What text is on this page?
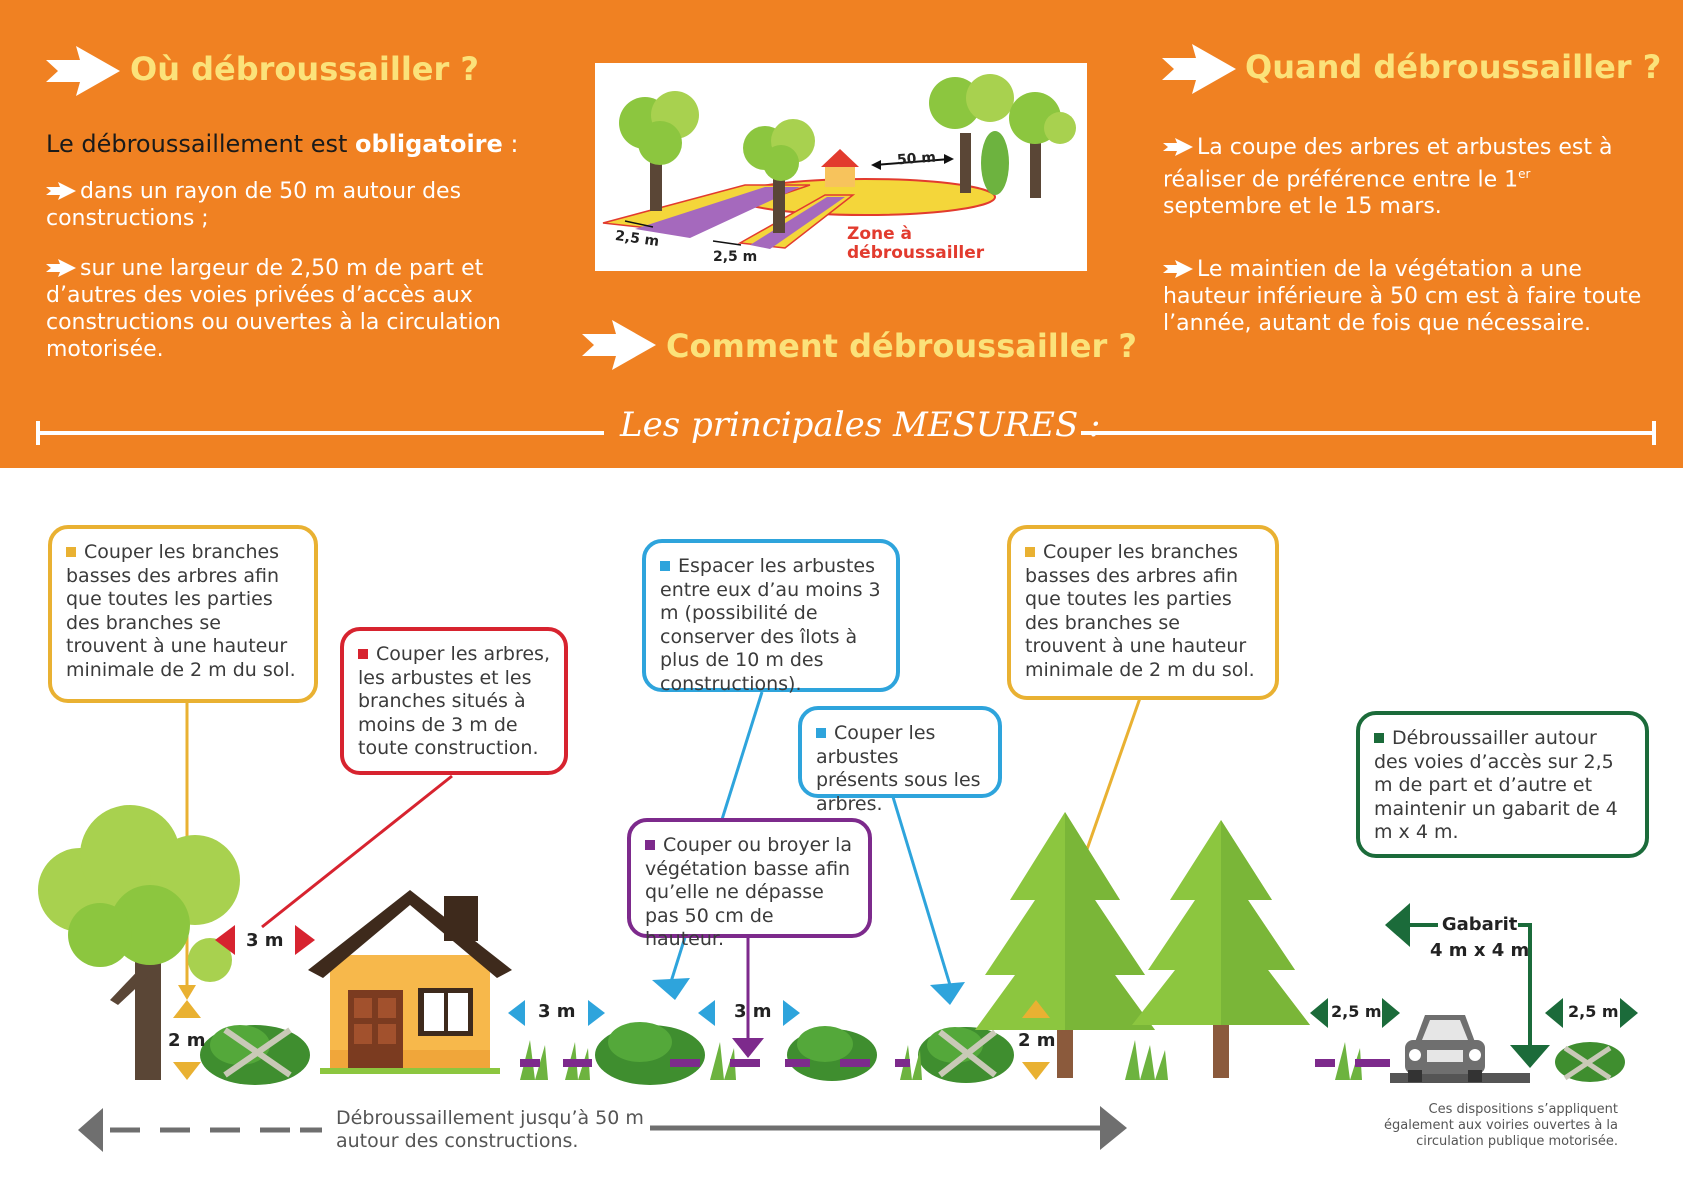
Où débroussailler ?
Le débroussaillement est obligatoire :
dans un rayon de 50 m autour des constructions ;
sur une largeur de 2,50 m de part et d’autres des voies privées d’accès aux constructions ou ouvertes à la circulation motorisée.
50 m
2,5 m
2,5 m
Zone à
débroussailler
Comment débroussailler ?
Quand débroussailler ?
La coupe des arbres et arbustes est à réaliser de préférence entre le 1er septembre et le 15 mars.
Le maintien de la végétation a une hauteur inférieure à 50 cm est à faire toute l’année, autant de fois que nécessaire.
Les principales MESURES :
3 m
2 m
3 m	3 m
2 m
2,5 m	2,5 m
Gabarit
4 m x 4 m
Couper les branches basses des arbres afin que toutes les parties des branches se trouvent à une hauteur minimale de 2 m du sol.
Couper les arbres, les arbustes et les branches situés à moins de 3 m de toute construction.
Espacer les arbustes entre eux d’au moins 3 m (possibilité de conserver des îlots à plus de 10 m des constructions).
Couper les arbustes présents sous les arbres.
Couper ou broyer la végétation basse afin qu’elle ne dépasse pas 50 cm de hauteur.
Couper les branches basses des arbres afin que toutes les parties des branches se trouvent à une hauteur minimale de 2 m du sol.
Débroussailler autour des voies d’accès sur 2,5 m de part et d’autre et maintenir un gabarit de 4 m x 4 m.
Débroussaillement jusqu’à 50 m
autour des constructions.
Ces dispositions s’appliquent
également aux voiries ouvertes à la
circulation publique motorisée.
